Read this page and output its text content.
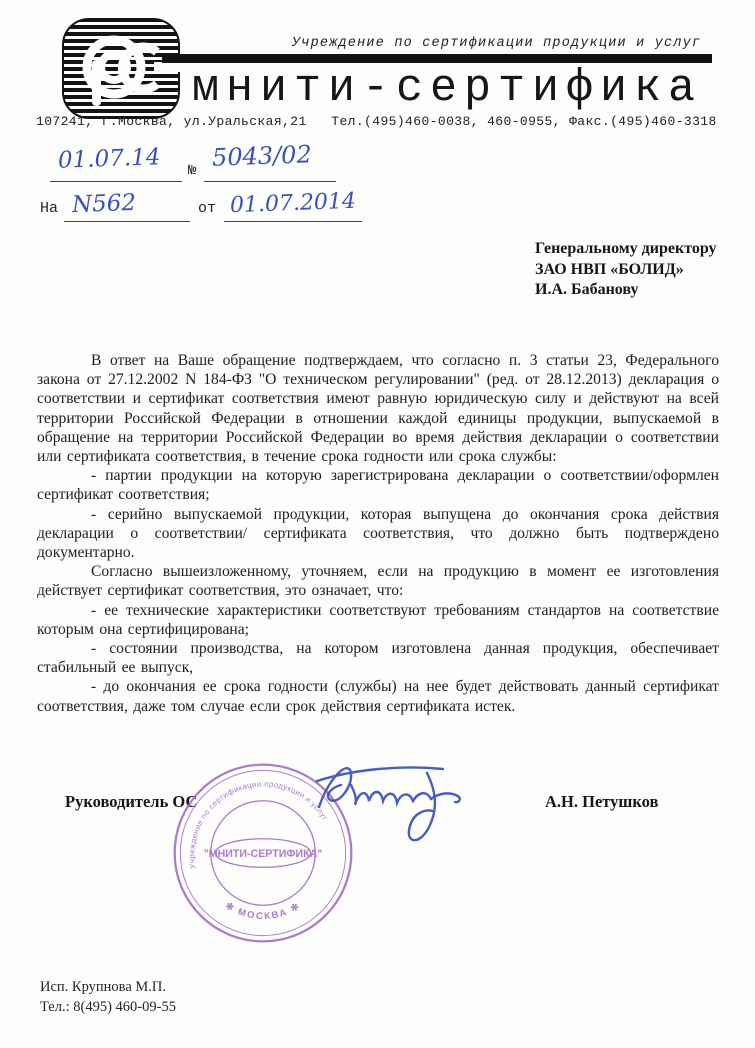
Учреждение по сертификации продукции и услуг
мнити-сертифика
107241, г.Москва, ул.Уральская,21   Тел.(495)460-0038, 460-0955, Факс.(495)460-3318
01.07.14 № 5043/02
На N562	от 01.07.2014
Генеральному директору
ЗАО НВП «БОЛИД»
И.А. Бабанову

В ответ на Ваше обращение подтверждаем, что согласно п. 3 статьи 23, Федерального закона от 27.12.2002 N 184-ФЗ "О техническом регулировании" (ред. от 28.12.2013) декларация о соответствии и сертификат соответствия имеют равную юридическую силу и действуют на всей территории Российской Федерации в отношении каждой единицы продукции, выпускаемой в обращение на территории Российской Федерации во время действия декларации о соответствии или сертификата соответствия, в течение срока годности или срока службы:

- партии продукции на которую зарегистрирована декларации о соответствии/оформлен сертификат соответствия;

- серийно выпускаемой продукции, которая выпущена до окончания срока действия декларации о соответствии/ сертификата соответствия, что должно быть подтверждено документарно.

Согласно вышеизложенному, уточняем, если на продукцию в момент ее изготовления действует сертификат соответствия, это означает, что:

- ее технические характеристики соответствуют требованиям стандартов на соответствие которым она сертифицирована;

- состоянии производства, на котором изготовлена данная продукция, обеспечивает стабильный ее выпуск,

- до окончания ее срока годности (службы) на нее будет действовать данный сертификат соответствия, даже том случае если срок действия сертификата истек.

Руководитель ОС	А.Н. Петушков
Учреждение по сертификации продукции и услуг
✻ МОСКВА ✻
"МНИТИ-СЕРТИФИКА"
Исп. Крупнова М.П.
Тел.: 8(495) 460-09-55
